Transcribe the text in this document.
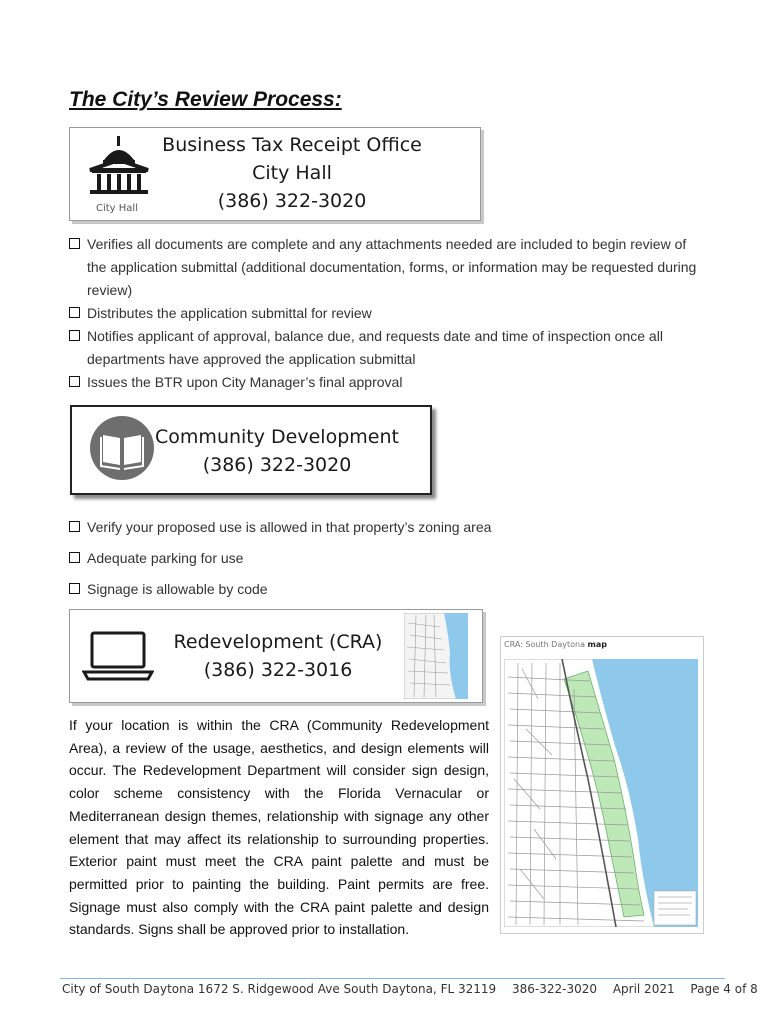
The City’s Review Process:
City Hall
Business Tax Receipt Office
City Hall
(386) 322-3020
Verifies all documents are complete and any attachments needed are included to begin review of the application submittal (additional documentation, forms, or information may be requested during review)
Distributes the application submittal for review
Notifies applicant of approval, balance due, and requests date and time of inspection once all departments have approved the application submittal
Issues the BTR upon City Manager’s final approval
Community Development
(386) 322-3020
Verify your proposed use is allowed in that property’s zoning area
Adequate parking for use
Signage is allowable by code
Redevelopment (CRA)
(386) 322-3016
If your location is within the CRA (Community Redevelopment Area), a review of the usage, aesthetics, and design elements will occur. The Redevelopment Department will consider sign design, color scheme consistency with the Florida Vernacular or Mediterranean design themes, relationship with signage any other element that may affect its relationship to surrounding properties. Exterior paint must meet the CRA paint palette and must be permitted prior to painting the building. Paint permits are free. Signage must also comply with the CRA paint palette and design standards. Signs shall be approved prior to installation.
CRA: South Daytona map
City of South Daytona 1672 S. Ridgewood Ave South Daytona, FL 32119 386-322-3020 April 2021 Page 4 of 8
